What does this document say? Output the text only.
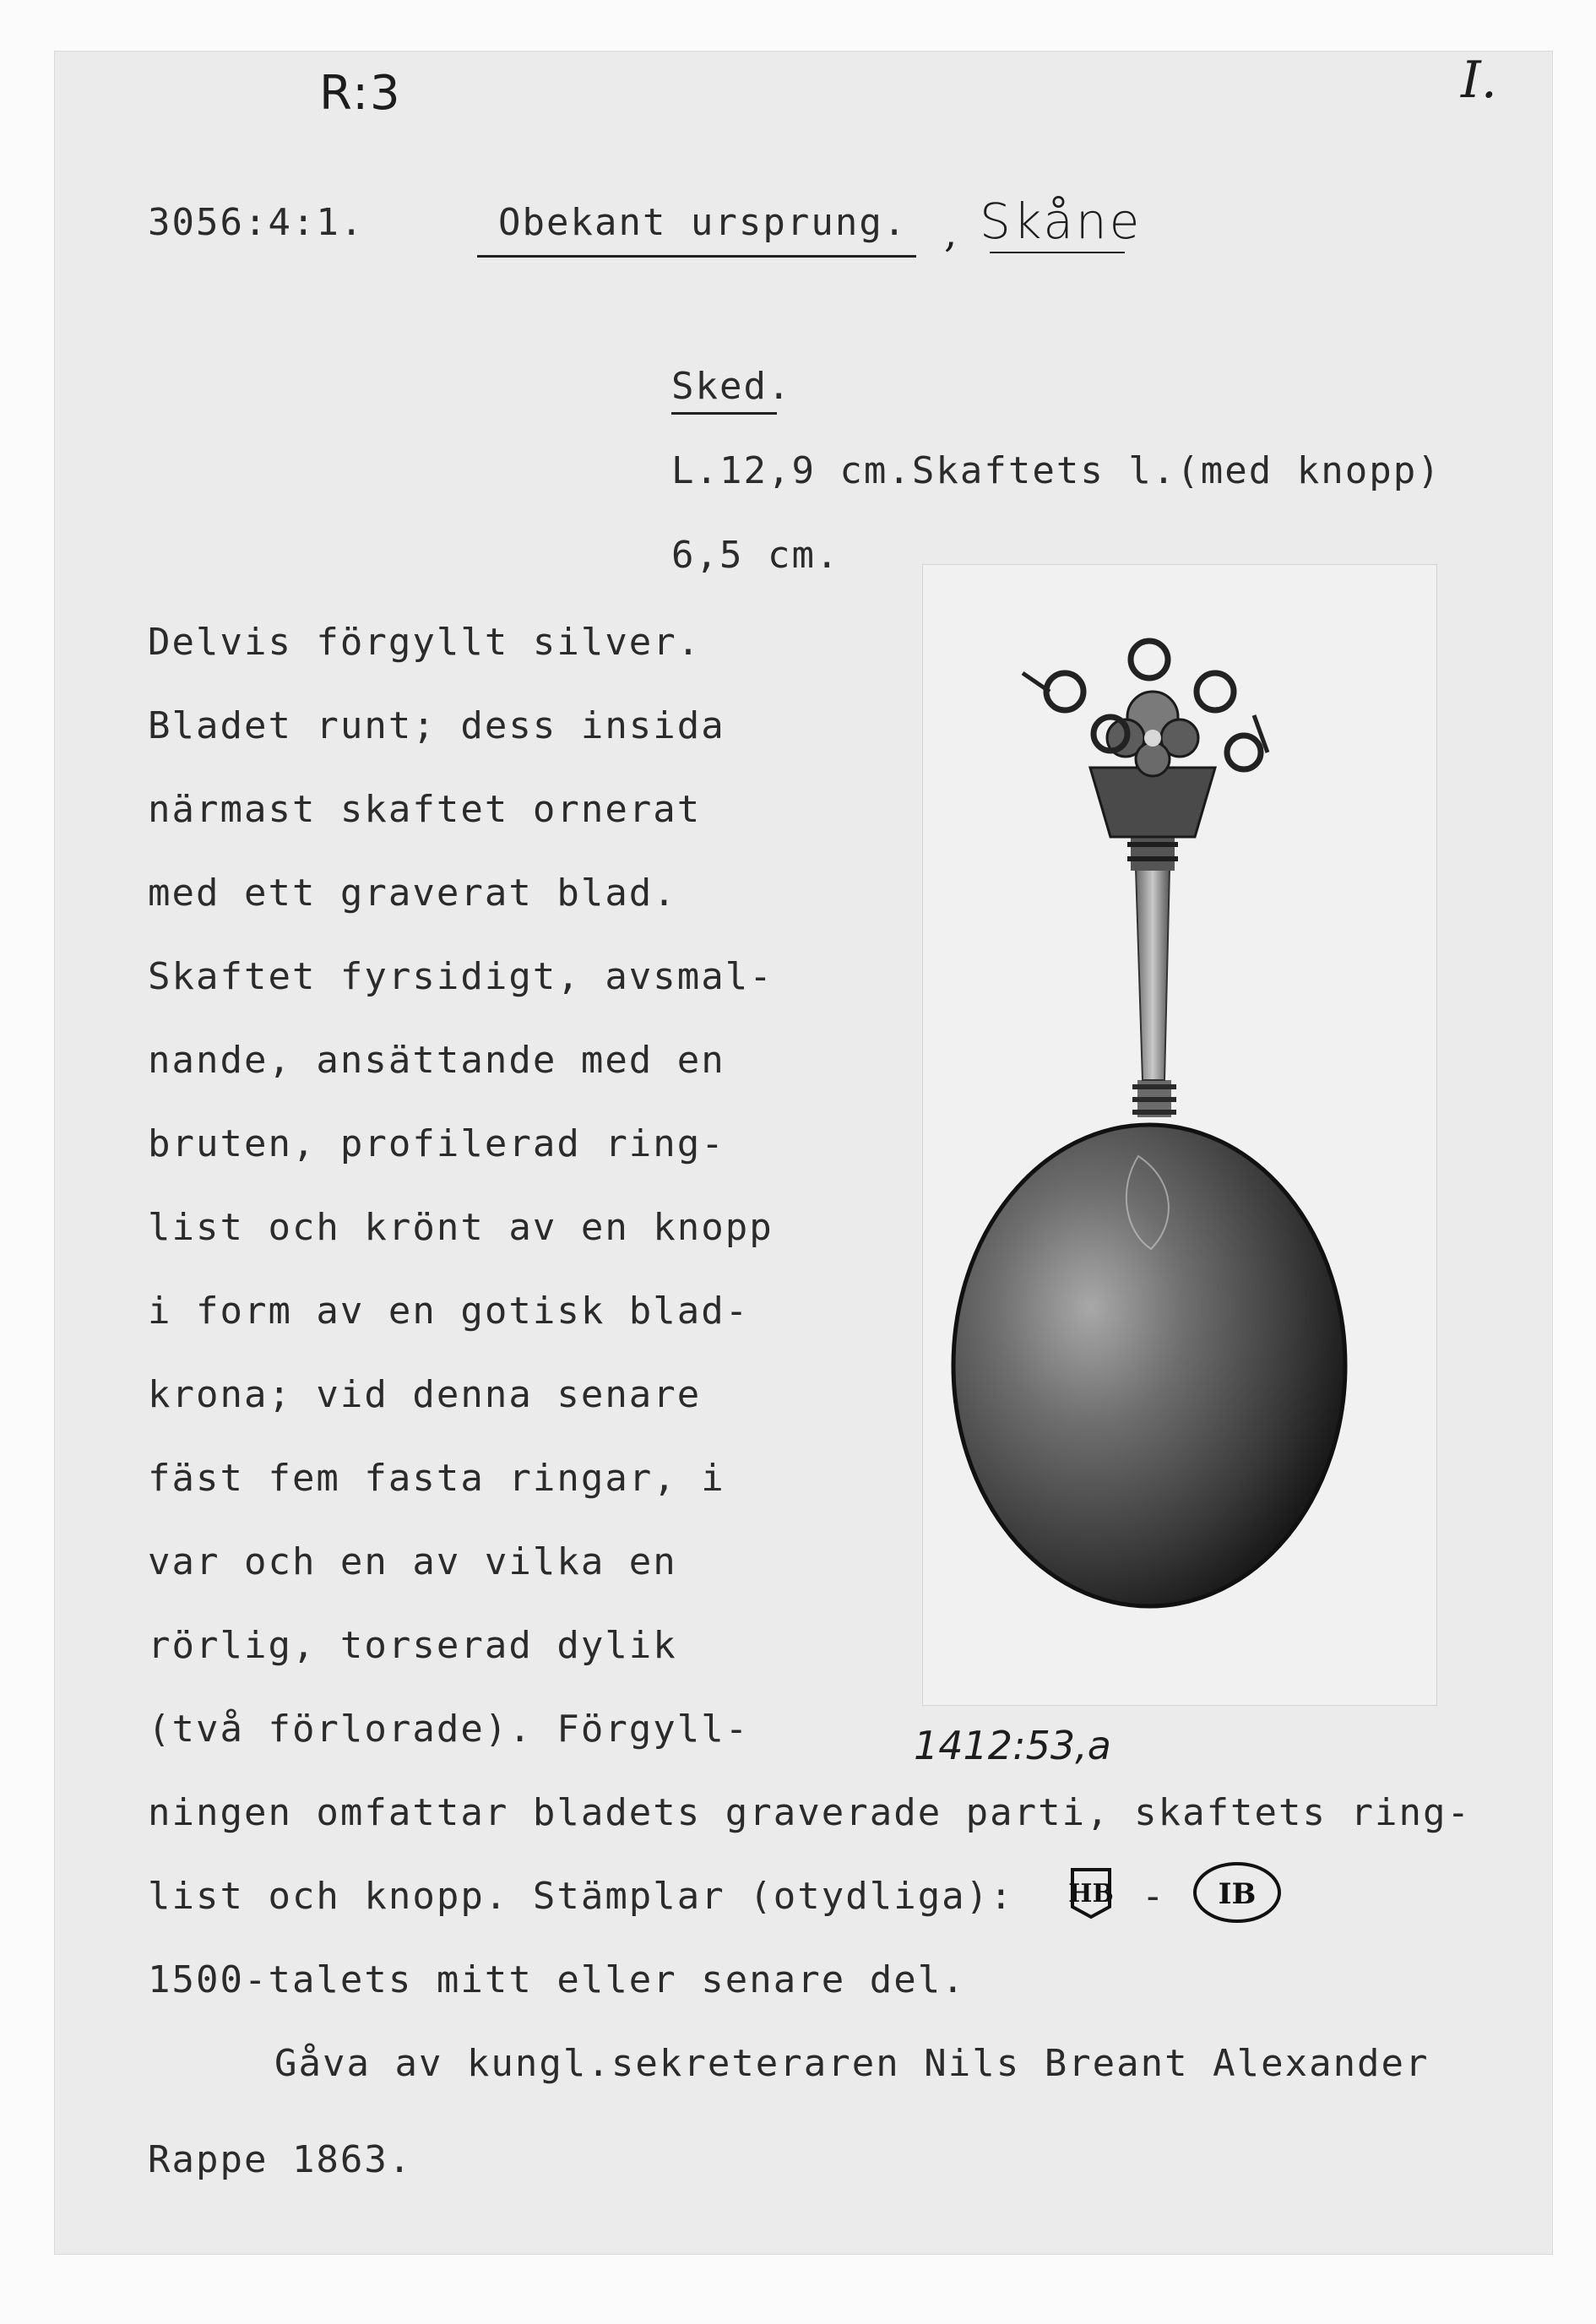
R:3	I.
3056:4:1.	Obekant ursprung. , Skåne
Sked.
L.12,9 cm.Skaftets l.(med knopp)
6,5 cm.
Delvis förgyllt silver.
Bladet runt; dess insida
närmast skaftet ornerat
med ett graverat blad.
Skaftet fyrsidigt, avsmal-
nande, ansättande med en
bruten, profilerad ring-
list och krönt av en knopp
i form av en gotisk blad-
krona; vid denna senare
fäst fem fasta ringar, i
var och en av vilka en
rörlig, torserad dylik
(två förlorade). Förgyll-	1412:53,a
ningen omfattar bladets graverade parti, skaftets ring-
list och knopp. Stämplar (otydliga): HB - IB
1500-talets mitt eller senare del.
Gåva av kungl.sekreteraren Nils Breant Alexander
Rappe 1863.
